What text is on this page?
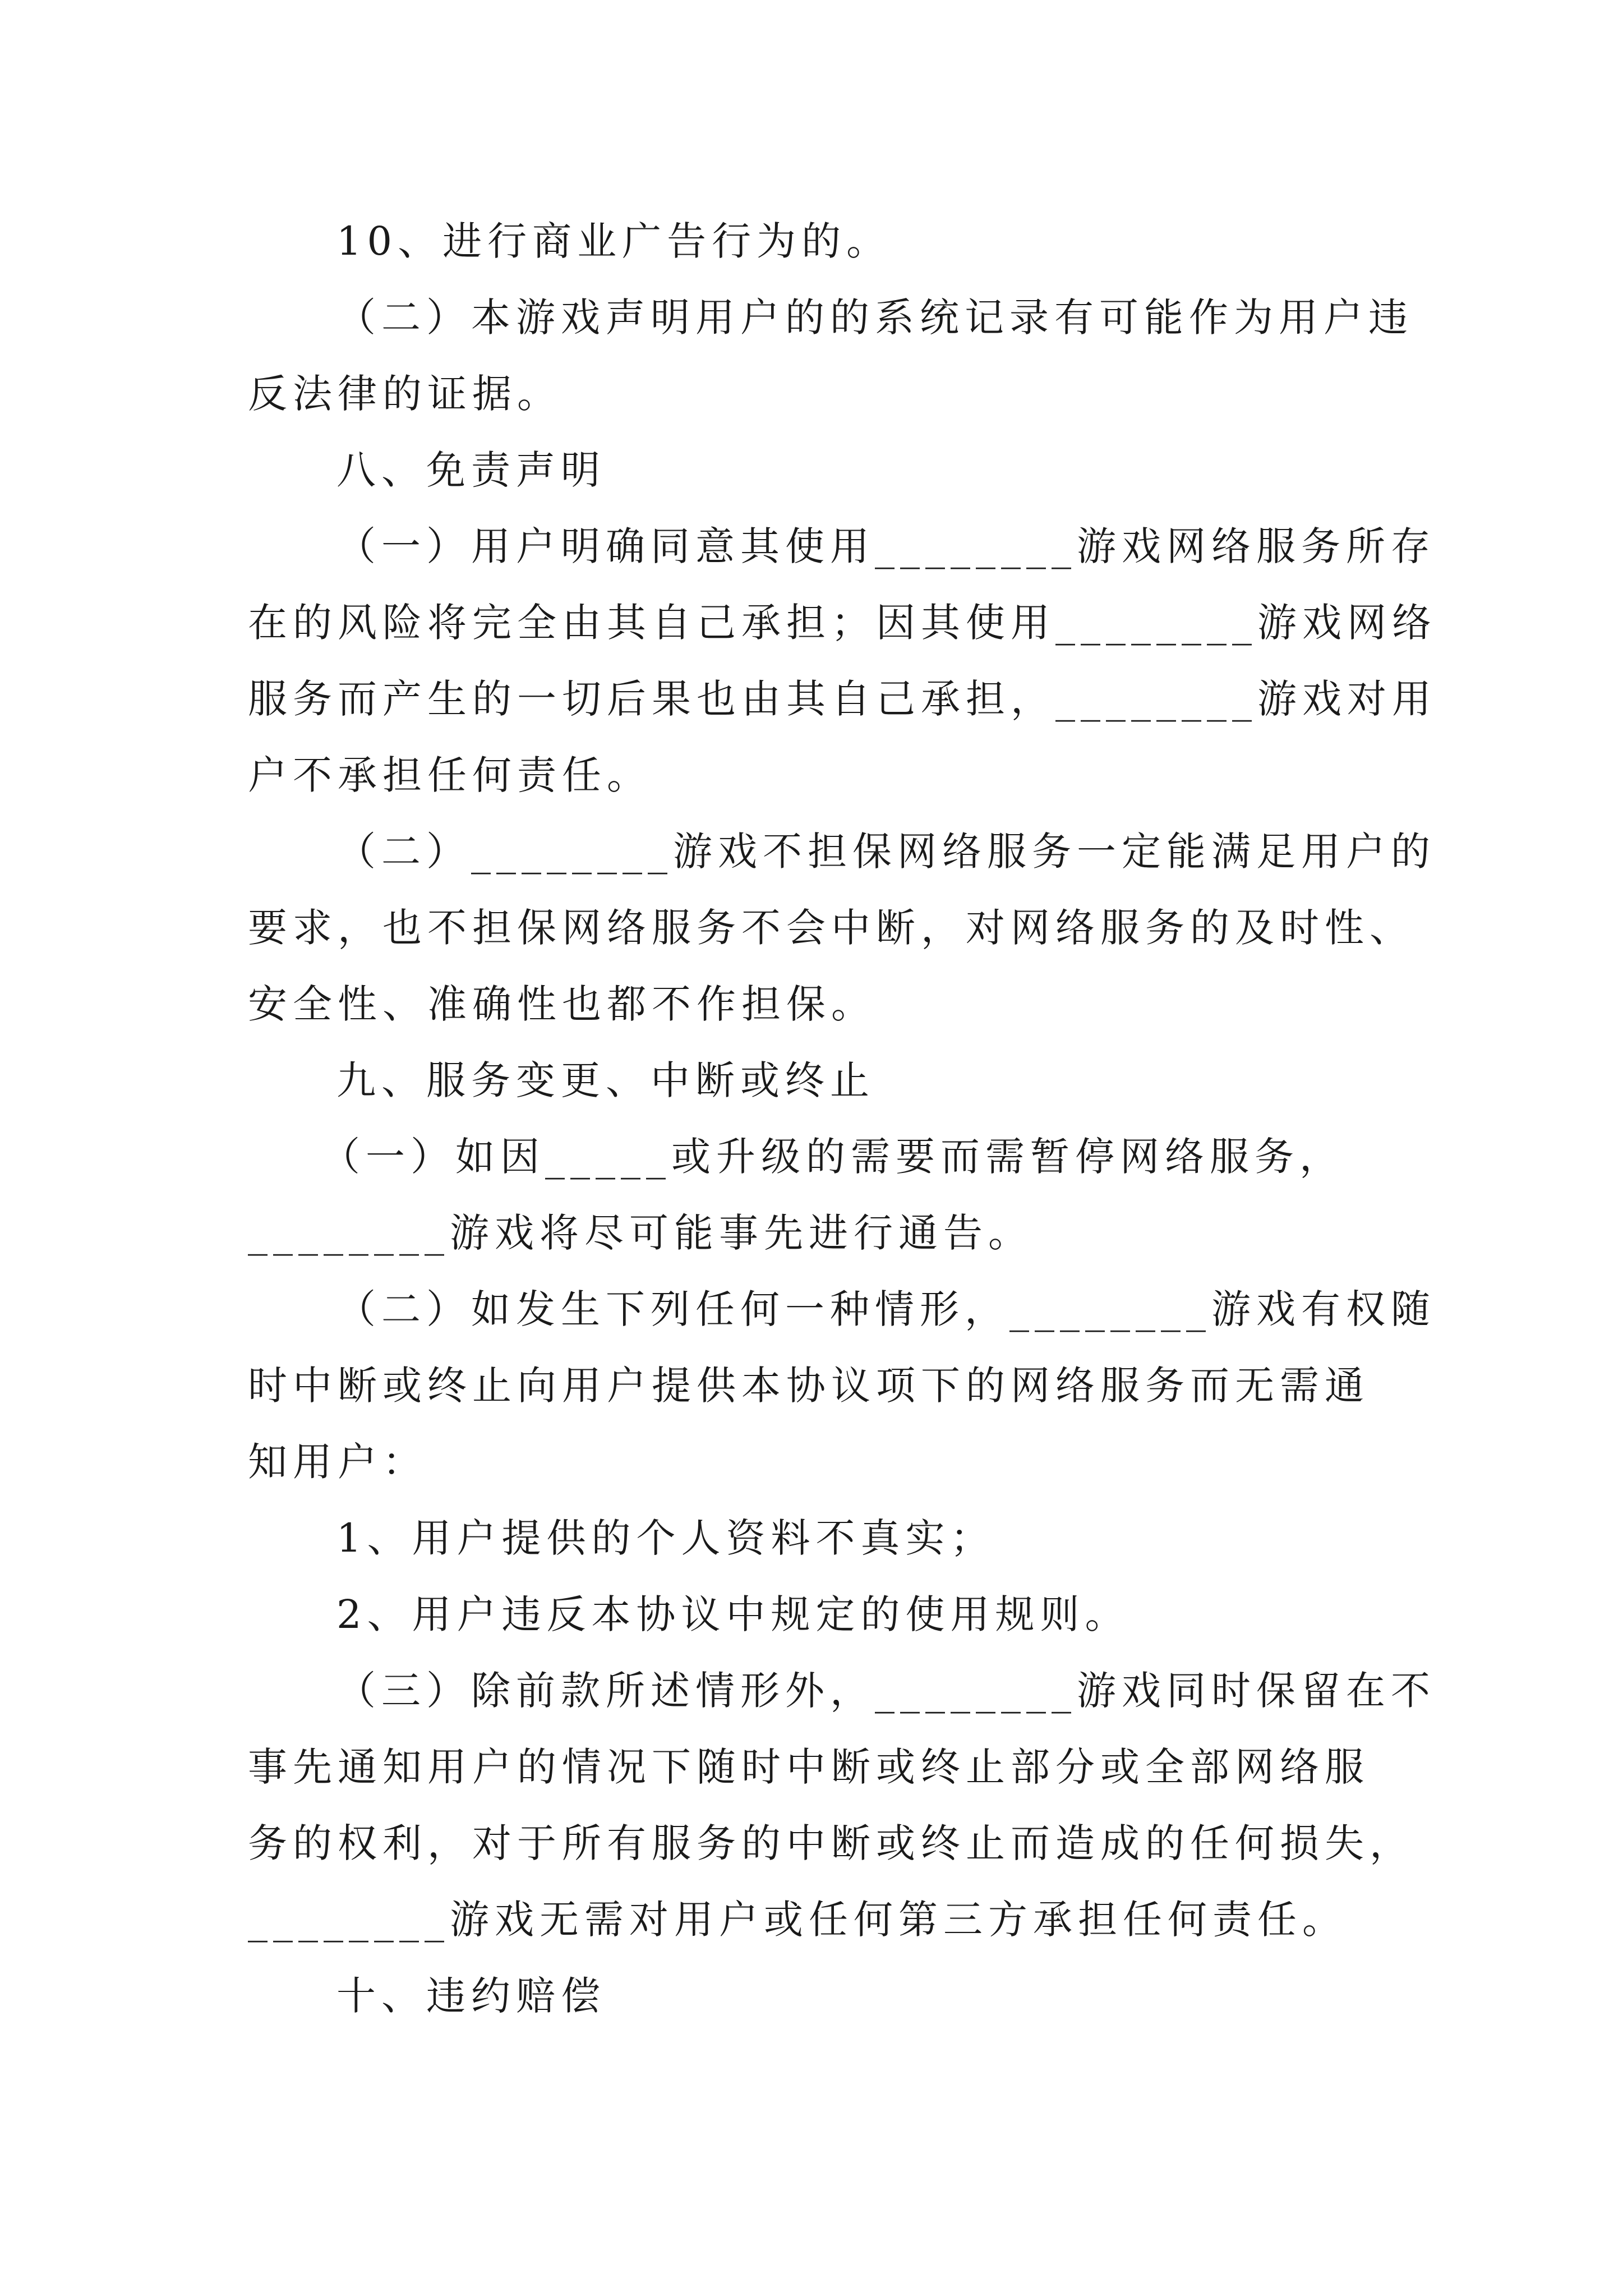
10、进行商业广告行为的。
（二）本游戏声明用户的的系统记录有可能作为用户违
反法律的证据。
八、免责声明
（一）用户明确同意其使用________游戏网络服务所存
在的风险将完全由其自己承担；因其使用________游戏网络
服务而产生的一切后果也由其自己承担，________游戏对用
户不承担任何责任。
（二）________游戏不担保网络服务一定能满足用户的
要求，也不担保网络服务不会中断，对网络服务的及时性、
安全性、准确性也都不作担保。
九、服务变更、中断或终止
（一）如因_____或升级的需要而需暂停网络服务，
________游戏将尽可能事先进行通告。
（二）如发生下列任何一种情形，________游戏有权随
时中断或终止向用户提供本协议项下的网络服务而无需通
知用户：
1、用户提供的个人资料不真实；
2、用户违反本协议中规定的使用规则。
（三）除前款所述情形外，________游戏同时保留在不
事先通知用户的情况下随时中断或终止部分或全部网络服
务的权利，对于所有服务的中断或终止而造成的任何损失，
________游戏无需对用户或任何第三方承担任何责任。
十、违约赔偿
